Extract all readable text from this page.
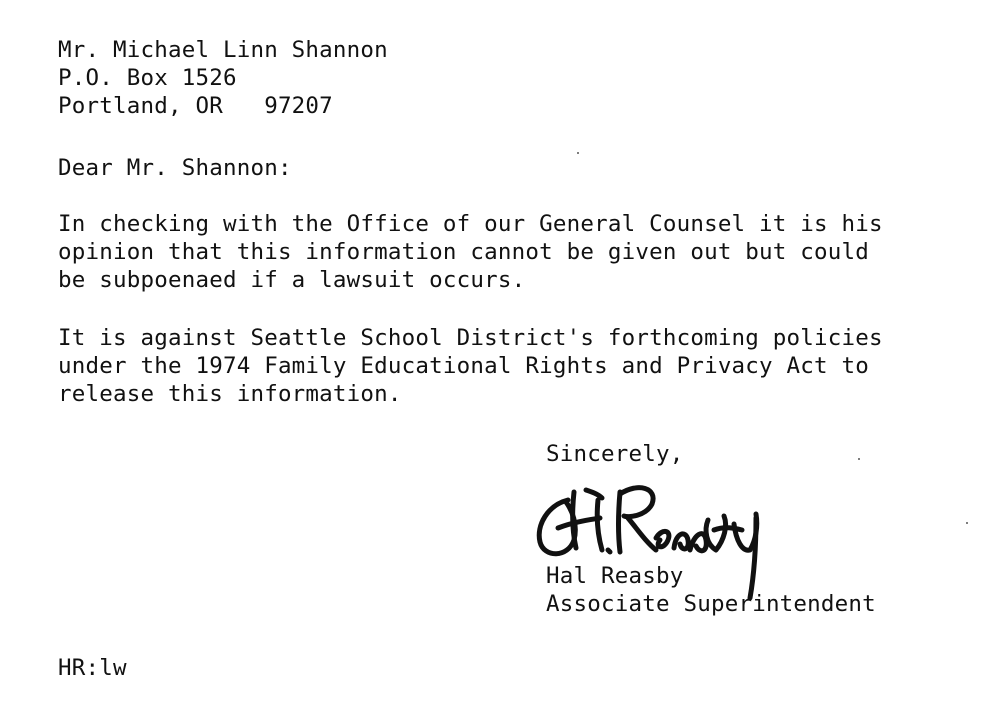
Mr. Michael Linn Shannon
P.O. Box 1526
Portland, OR   97207
Dear Mr. Shannon:
In checking with the Office of our General Counsel it is his
opinion that this information cannot be given out but could
be subpoenaed if a lawsuit occurs.
It is against Seattle School District's forthcoming policies
under the 1974 Family Educational Rights and Privacy Act to
release this information.
Sincerely,
Hal Reasby
Associate Superintendent
HR:lw
